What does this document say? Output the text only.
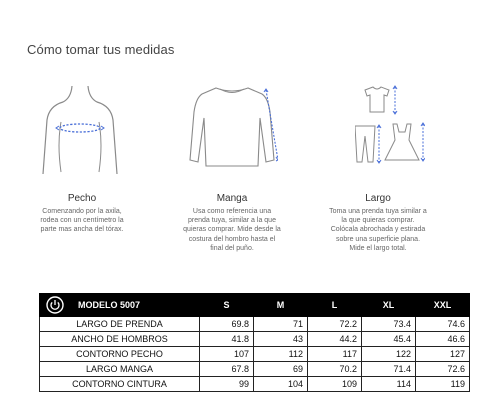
Cómo tomar tus medidas
Pecho
Comenzando por la axila,
rodea con un centímetro la
parte mas ancha del tórax.
Manga
Usa como referencia una
prenda tuya, similar a la que
quieras comprar. Mide desde la
costura del hombro hasta el
final del puño.
Largo
Toma una prenda tuya similar a
la que quieras comprar.
Colócala abrochada y estirada
sobre una superficie plana.
Mide el largo total.
MODELO 5007	S	M	L	XL	XXL
LARGO DE PRENDA	69.8	71	72.2	73.4	74.6
ANCHO DE HOMBROS	41.8	43	44.2	45.4	46.6
CONTORNO PECHO	107	112	117	122	127
LARGO MANGA	67.8	69	70.2	71.4	72.6
CONTORNO CINTURA	99	104	109	114	119
